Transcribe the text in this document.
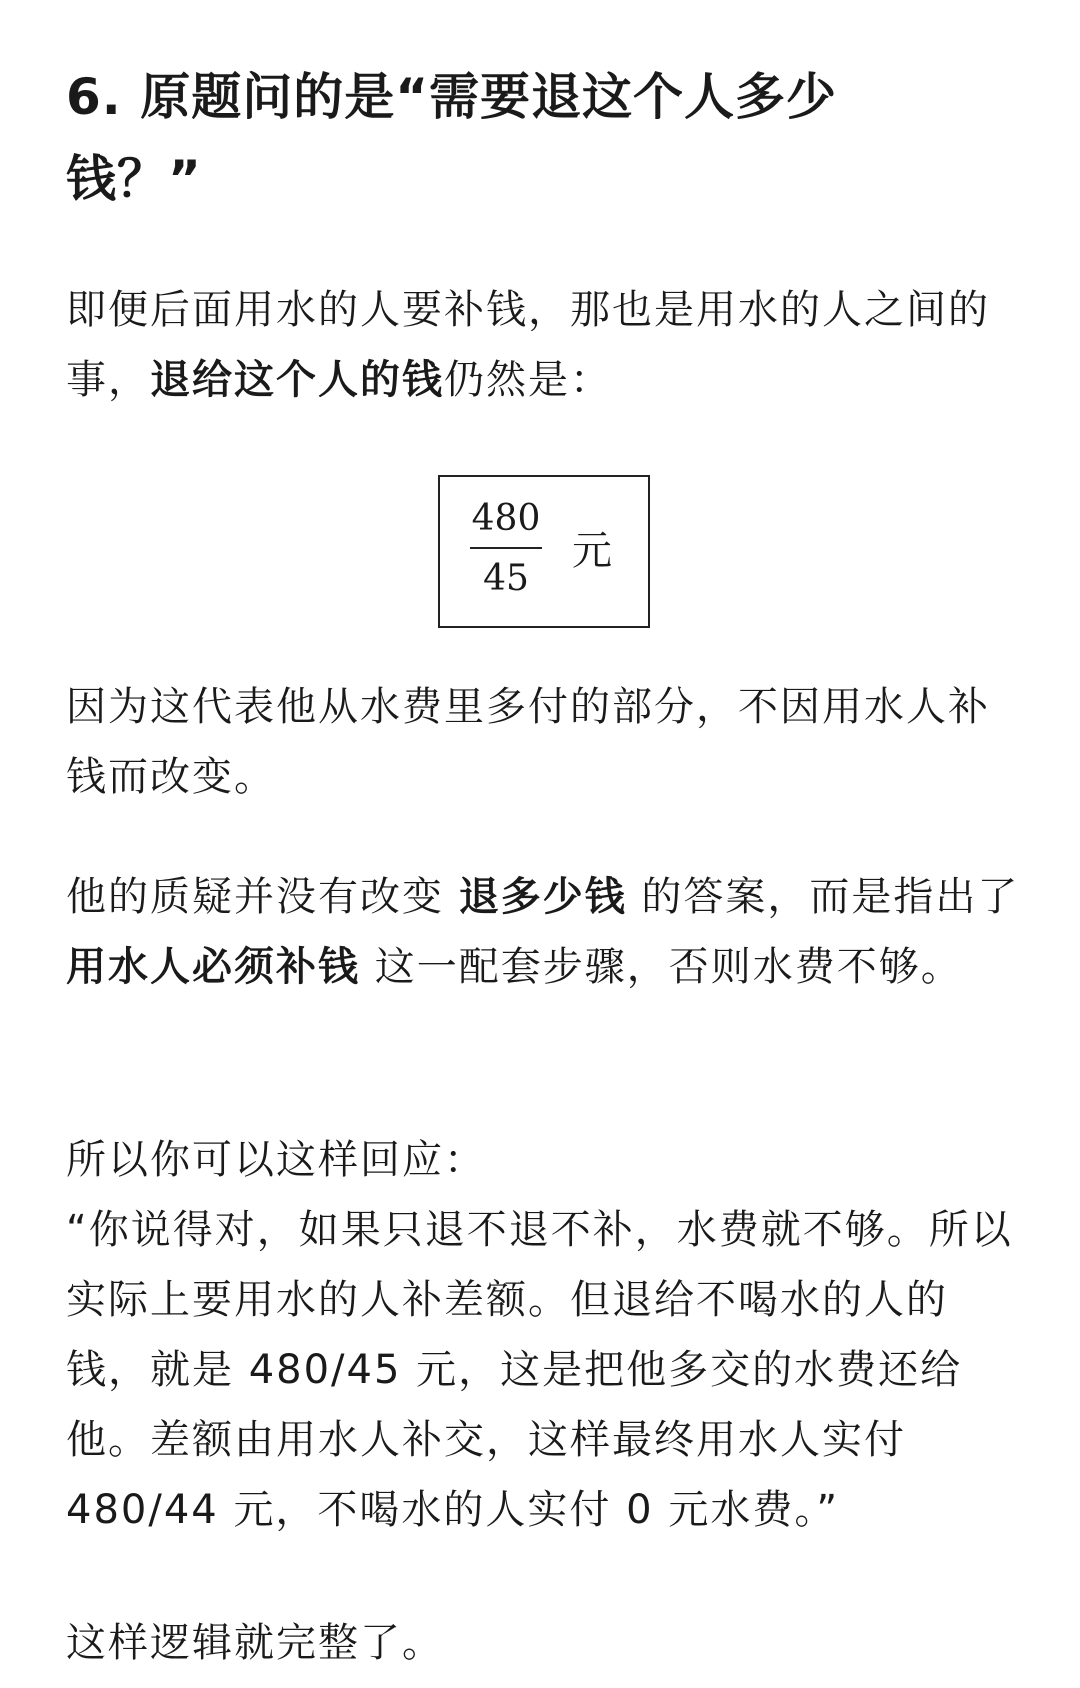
6. 原题问的是“需要退这个人多少钱？”

即便后面用水的人要补钱，那也是用水的人之间的事，退给这个人的钱仍然是：

480
45
元

因为这代表他从水费里多付的部分，不因用水人补钱而改变。

他的质疑并没有改变 退多少钱 的答案，而是指出了 用水人必须补钱 这一配套步骤，否则水费不够。

所以你可以这样回应：
“你说得对，如果只退不退不补，水费就不够。所以实际上要用水的人补差额。但退给不喝水的人的钱，就是 480/45 元，这是把他多交的水费还给他。差额由用水人补交，这样最终用水人实付 480/44 元，不喝水的人实付 0 元水费。”

这样逻辑就完整了。
